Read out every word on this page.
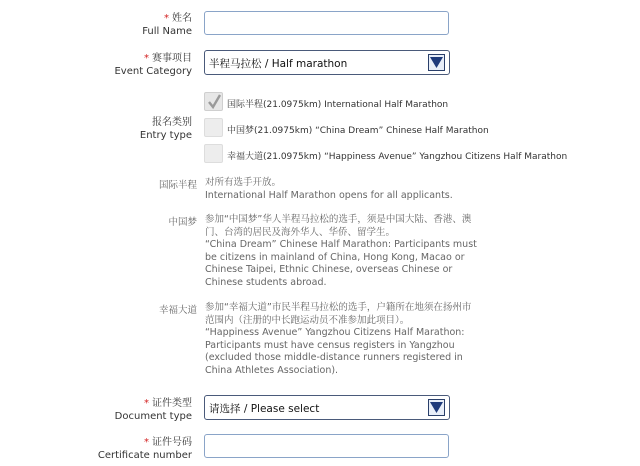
* 姓名
Full Name
* 赛事项目
Event Category
半程马拉松 / Half marathon
报名类别
Entry type
国际半程(21.0975km) International Half Marathon
中国梦(21.0975km) “China Dream” Chinese Half Marathon
幸福大道(21.0975km) “Happiness Avenue” Yangzhou Citizens Half Marathon
国际半程 对所有选手开放。

International Half Marathon opens for all applicants.

中国梦 参加“中国梦”华人半程马拉松的选手，须是中国大陆、香港、澳门、台湾的居民及海外华人、华侨、留学生。

“China Dream” Chinese Half Marathon: Participants must be citizens in mainland of China, Hong Kong, Macao or Chinese Taipei, Ethnic Chinese, overseas Chinese or Chinese students abroad.

幸福大道 参加“幸福大道”市民半程马拉松的选手，户籍所在地须在扬州市范围内（注册的中长跑运动员不准参加此项目）。

“Happiness Avenue” Yangzhou Citizens Half Marathon: Participants must have census registers in Yangzhou (excluded those middle-distance runners registered in China Athletes Association).

* 证件类型
Document type
请选择 / Please select
* 证件号码
Certificate number
